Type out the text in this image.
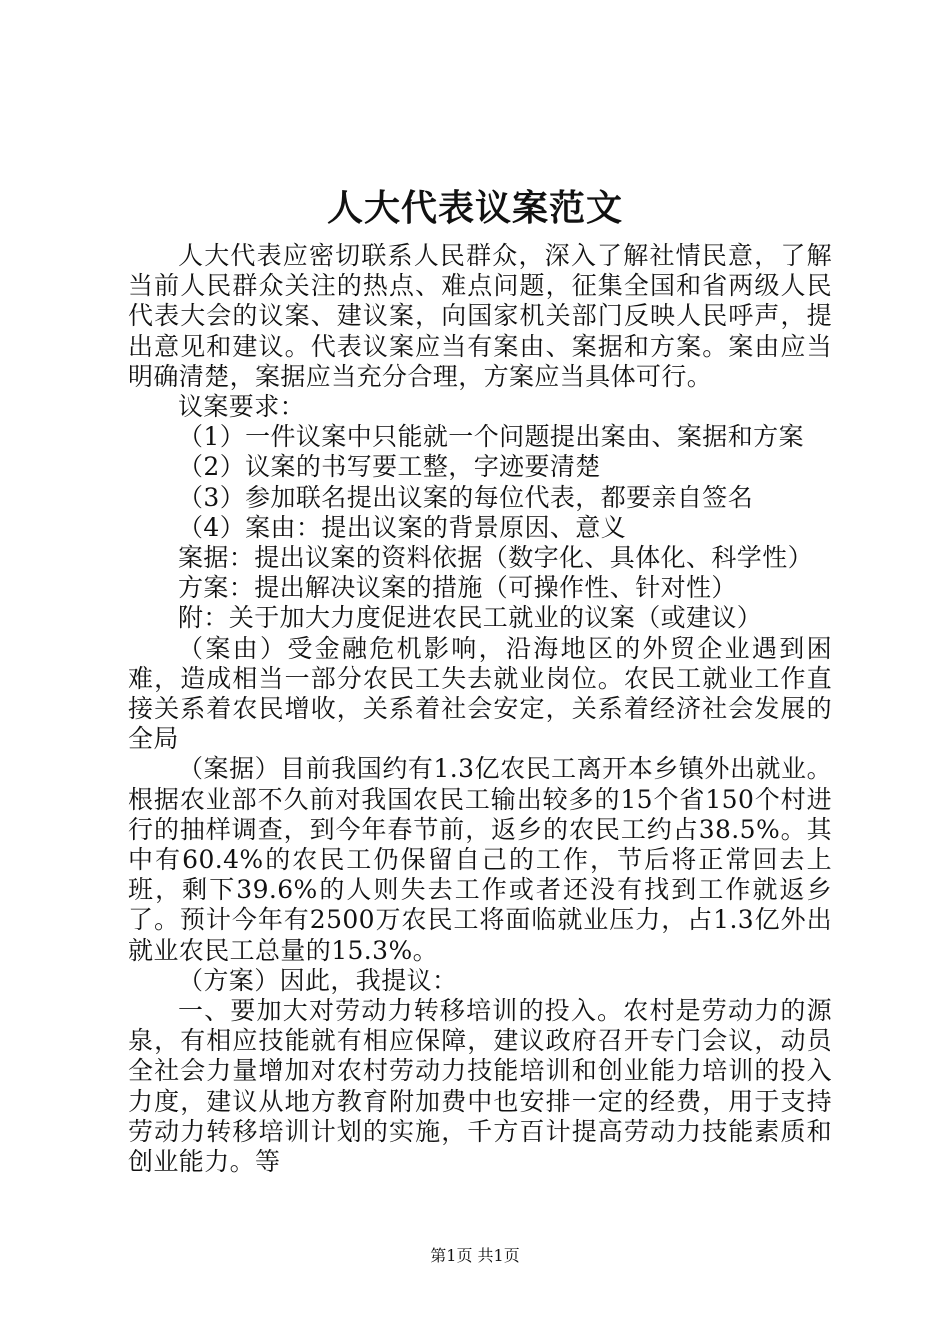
人大代表议案范文

人大代表应密切联系人民群众，深入了解社情民意，了解当前人民群众关注的热点、难点问题，征集全国和省两级人民代表大会的议案、建议案，向国家机关部门反映人民呼声，提出意见和建议。代表议案应当有案由、案据和方案。案由应当明确清楚，案据应当充分合理，方案应当具体可行。

议案要求：

（1）一件议案中只能就一个问题提出案由、案据和方案

（2）议案的书写要工整，字迹要清楚

（3）参加联名提出议案的每位代表，都要亲自签名

（4）案由：提出议案的背景原因、意义

案据：提出议案的资料依据（数字化、具体化、科学性）

方案：提出解决议案的措施（可操作性、针对性）

附：关于加大力度促进农民工就业的议案（或建议）

（案由）受金融危机影响，沿海地区的外贸企业遇到困难，造成相当一部分农民工失去就业岗位。农民工就业工作直接关系着农民增收，关系着社会安定，关系着经济社会发展的全局

（案据）目前我国约有1.3亿农民工离开本乡镇外出就业。根据农业部不久前对我国农民工输出较多的15个省150个村进行的抽样调查，到今年春节前，返乡的农民工约占38.5%。其中有60.4%的农民工仍保留自己的工作，节后将正常回去上班，剩下39.6%的人则失去工作或者还没有找到工作就返乡了。预计今年有2500万农民工将面临就业压力，占1.3亿外出就业农民工总量的15.3%。

（方案）因此，我提议：

一、要加大对劳动力转移培训的投入。农村是劳动力的源泉，有相应技能就有相应保障，建议政府召开专门会议，动员全社会力量增加对农村劳动力技能培训和创业能力培训的投入力度，建议从地方教育附加费中也安排一定的经费，用于支持劳动力转移培训计划的实施，千方百计提高劳动力技能素质和创业能力。等

第1页 共1页
